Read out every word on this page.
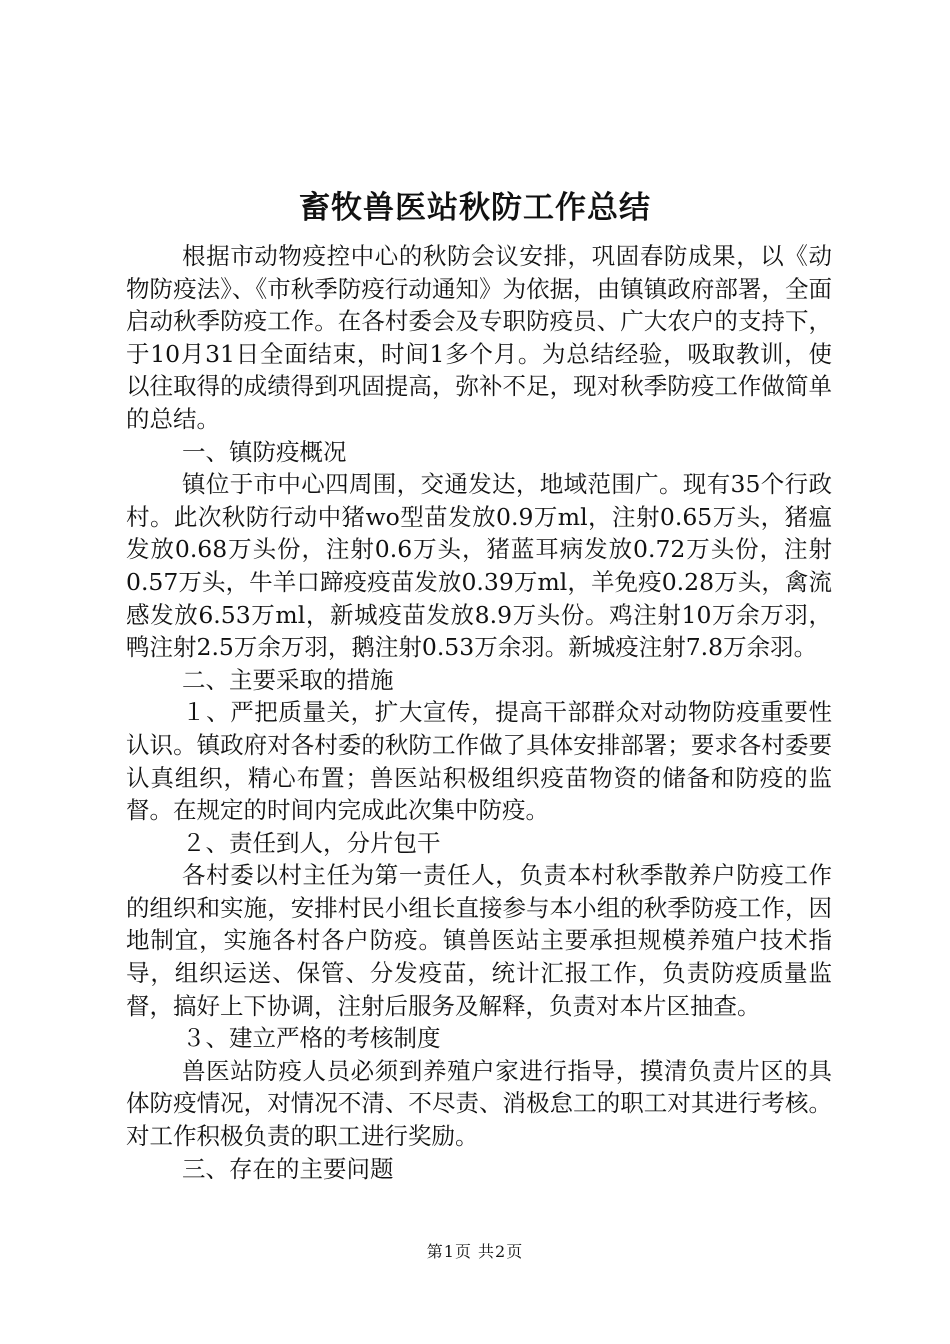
畜牧兽医站秋防工作总结

根据市动物疫控中心的秋防会议安排，巩固春防成果，以《动物防疫法》、《市秋季防疫行动通知》为依据，由镇镇政府部署，全面启动秋季防疫工作。在各村委会及专职防疫员、广大农户的支持下，于10月31日全面结束，时间1多个月。为总结经验，吸取教训，使以往取得的成绩得到巩固提高，弥补不足，现对秋季防疫工作做简单的总结。

一、镇防疫概况

镇位于市中心四周围，交通发达，地域范围广。现有35个行政村。此次秋防行动中猪wo型苗发放0.9万ml，注射0.65万头，猪瘟发放0.68万头份，注射0.6万头，猪蓝耳病发放0.72万头份，注射0.57万头，牛羊口蹄疫疫苗发放0.39万ml，羊免疫0.28万头，禽流感发放6.53万ml，新城疫苗发放8.9万头份。鸡注射10万余万羽，鸭注射2.5万余万羽，鹅注射0.53万余羽。新城疫注射7.8万余羽。

二、主要采取的措施

１、严把质量关，扩大宣传，提高干部群众对动物防疫重要性认识。镇政府对各村委的秋防工作做了具体安排部署；要求各村委要认真组织，精心布置；兽医站积极组织疫苗物资的储备和防疫的监督。在规定的时间内完成此次集中防疫。

２、责任到人，分片包干

各村委以村主任为第一责任人，负责本村秋季散养户防疫工作的组织和实施，安排村民小组长直接参与本小组的秋季防疫工作，因地制宜，实施各村各户防疫。镇兽医站主要承担规模养殖户技术指导，组织运送、保管、分发疫苗，统计汇报工作，负责防疫质量监督，搞好上下协调，注射后服务及解释，负责对本片区抽查。

３、建立严格的考核制度

兽医站防疫人员必须到养殖户家进行指导，摸清负责片区的具体防疫情况，对情况不清、不尽责、消极怠工的职工对其进行考核。对工作积极负责的职工进行奖励。

三、存在的主要问题

第1页 共2页
